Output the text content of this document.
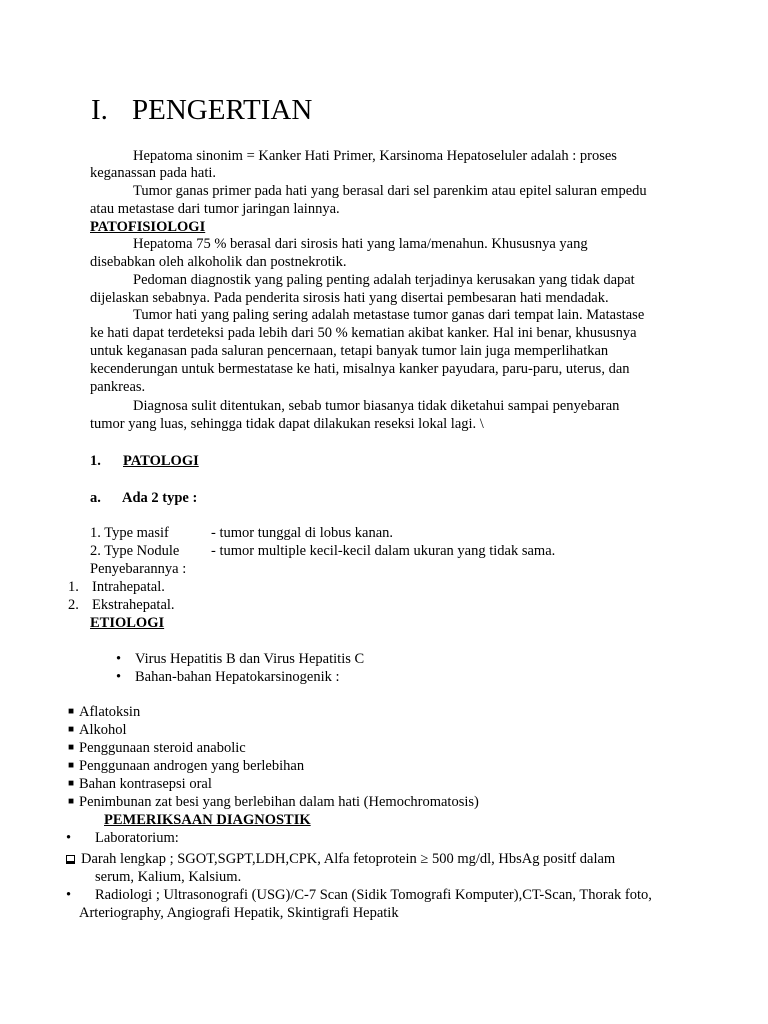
I. PENGERTIAN
Hepatoma sinonim = Kanker Hati Primer, Karsinoma Hepatoseluler adalah : proses
keganassan pada hati.
Tumor ganas primer pada hati yang berasal dari sel parenkim atau epitel saluran empedu
atau metastase dari tumor jaringan lainnya.
PATOFISIOLOGI
Hepatoma 75 % berasal dari sirosis hati yang lama/menahun. Khususnya yang
disebabkan oleh alkoholik dan postnekrotik.
Pedoman diagnostik yang paling penting adalah terjadinya kerusakan yang tidak dapat
dijelaskan sebabnya. Pada penderita sirosis hati yang disertai pembesaran hati mendadak.
Tumor hati yang paling sering adalah metastase tumor ganas dari tempat lain. Matastase
ke hati dapat terdeteksi pada lebih dari 50 % kematian akibat kanker. Hal ini benar, khususnya
untuk keganasan pada saluran pencernaan, tetapi banyak tumor lain juga memperlihatkan
kecenderungan untuk bermestatase ke hati, misalnya kanker payudara, paru-paru, uterus, dan
pankreas.
Diagnosa sulit ditentukan, sebab tumor biasanya tidak diketahui sampai penyebaran
tumor yang luas, sehingga tidak dapat dilakukan reseksi lokal lagi. \
1. PATOLOGI
a. Ada 2 type :
1. Type masif	- tumor tunggal di lobus kanan.
2. Type Nodule - tumor multiple kecil-kecil dalam ukuran yang tidak sama.
Penyebarannya :
1. Intrahepatal.
2. Ekstrahepatal.
ETIOLOGI
• Virus Hepatitis B dan Virus Hepatitis C
• Bahan-bahan Hepatokarsinogenik :
■ Aflatoksin
■ Alkohol
■ Penggunaan steroid anabolic
■ Penggunaan androgen yang berlebihan
■ Bahan kontrasepsi oral
■ Penimbunan zat besi yang berlebihan dalam hati (Hemochromatosis)
PEMERIKSAAN DIAGNOSTIK
• Laboratorium:
Darah lengkap ; SGOT,SGPT,LDH,CPK, Alfa fetoprotein ≥ 500 mg/dl, HbsAg positf dalam
serum, Kalium, Kalsium.
• Radiologi ; Ultrasonografi (USG)/C-7 Scan (Sidik Tomografi Komputer),CT-Scan, Thorak foto,
Arteriography, Angiografi Hepatik, Skintigrafi Hepatik
